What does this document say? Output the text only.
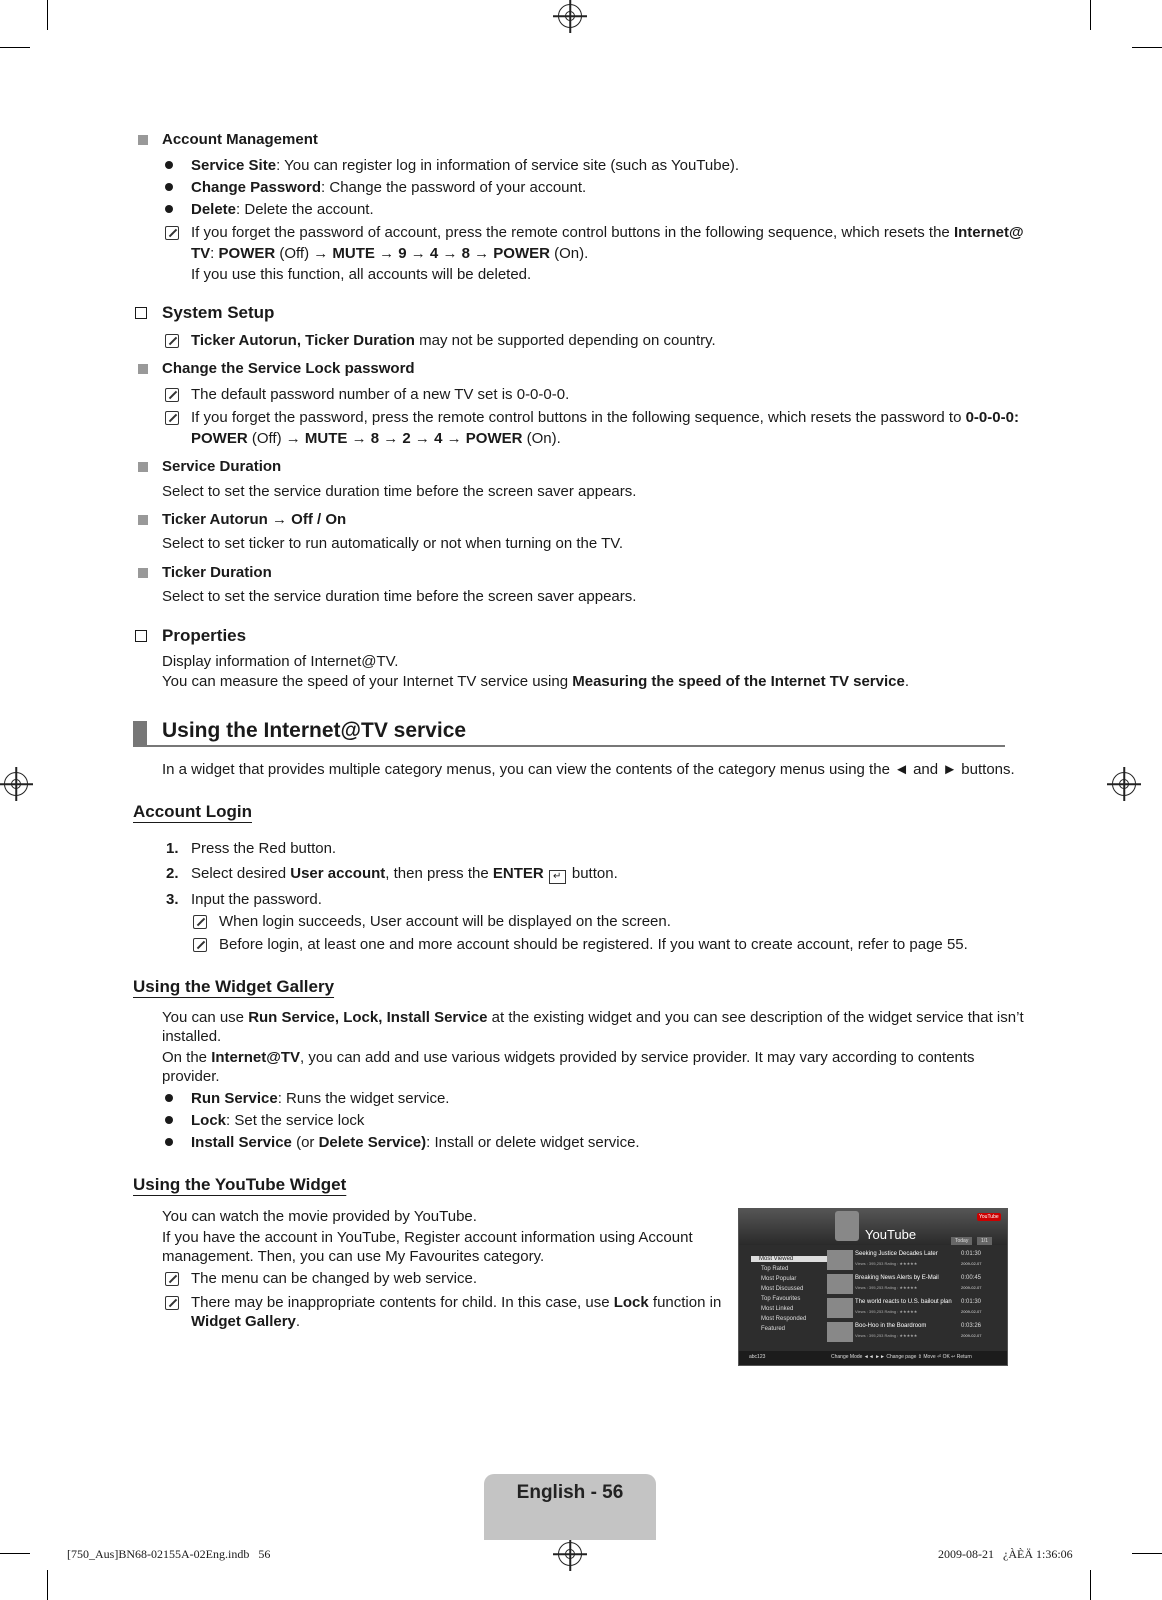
Account Management
Service Site: You can register log in information of service site (such as YouTube).
Change Password: Change the password of your account.
Delete: Delete the account.
If you forget the password of account, press the remote control buttons in the following sequence, which resets the Internet@
TV: POWER (Off) → MUTE → 9 → 4 → 8 → POWER (On).
If you use this function, all accounts will be deleted.
System Setup
Ticker Autorun, Ticker Duration may not be supported depending on country.
Change the Service Lock password
The default password number of a new TV set is 0-0-0-0.
If you forget the password, press the remote control buttons in the following sequence, which resets the password to 0-0-0-0:
POWER (Off) → MUTE → 8 → 2 → 4 → POWER (On).
Service Duration
Select to set the service duration time before the screen saver appears.
Ticker Autorun → Off / On
Select to set ticker to run automatically or not when turning on the TV.
Ticker Duration
Select to set the service duration time before the screen saver appears.
Properties
Display information of Internet@TV.
You can measure the speed of your Internet TV service using Measuring the speed of the Internet TV service.
Using the Internet@TV service
In a widget that provides multiple category menus, you can view the contents of the category menus using the ◄ and ► buttons.
Account Login
1. Press the Red button.
2. Select desired User account, then press the ENTER ↵ button.
3. Input the password.
When login succeeds, User account will be displayed on the screen.
Before login, at least one and more account should be registered. If you want to create account, refer to page 55.
Using the Widget Gallery
You can use Run Service, Lock, Install Service at the existing widget and you can see description of the widget service that isn’t
installed.
On the Internet@TV, you can add and use various widgets provided by service provider. It may vary according to contents
provider.
Run Service: Runs the widget service.
Lock: Set the service lock
Install Service (or Delete Service): Install or delete widget service.
Using the YouTube Widget
You can watch the movie provided by YouTube.
If you have the account in YouTube, Register account information using Account
management. Then, you can use My Favourites category.
The menu can be changed by web service.
There may be inappropriate contents for child. In this case, use Lock function in
Widget Gallery.
YouTube
YouTube
Today	1/1
Most Viewed
Top Rated
Most Popular
Most Discussed
Top Favourites
Most Linked
Most Responded
Featured
Seeking Justice Decades Later
Views : 395,253 Rating : ★★★★★
0:01:30
2009-02-07
Breaking News Alerts by E-Mail
Views : 395,253 Rating : ★★★★★
0:00:45
2009-02-07
The world reacts to U.S. bailout plan
Views : 395,253 Rating : ★★★★★
0:01:30
2009-02-07
Boo-Hoo in the Boardroom
Views : 395,253 Rating : ★★★★★
0:03:26
2009-02-07
abc123	Change Mode ◄◄ ►► Change page ⇕ Move ⏎ OK ↩ Return
English - 56
[750_Aus]BN68-02155A-02Eng.indb   56	2009-08-21   ¿ÀÈÄ 1:36:06
